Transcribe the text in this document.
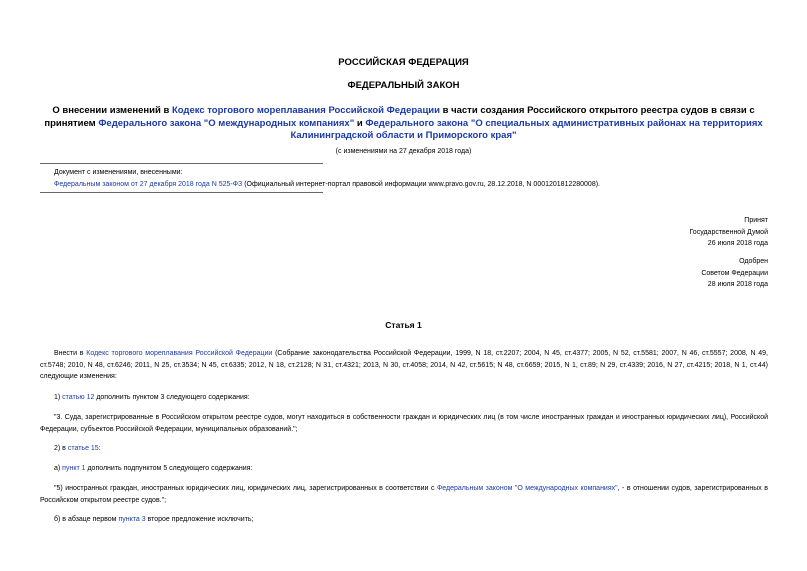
РОССИЙСКАЯ ФЕДЕРАЦИЯ
ФЕДЕРАЛЬНЫЙ ЗАКОН
О внесении изменений в Кодекс торгового мореплавания Российской Федерации в части создания Российского открытого реестра судов в связи с принятием Федерального закона "О международных компаниях" и Федерального закона "О специальных административных районах на территориях Калининградской области и Приморского края"
(с изменениями на 27 декабря 2018 года)
Документ с изменениями, внесенными:
Федеральным законом от 27 декабря 2018 года N 525-ФЗ (Официальный интернет-портал правовой информации www.pravo.gov.ru, 28.12.2018, N 0001201812280008).
Принят
Государственной Думой
26 июля 2018 года
Одобрен
Советом Федерации
28 июля 2018 года
Статья 1
Внести в Кодекс торгового мореплавания Российской Федерации (Собрание законодательства Российской Федерации, 1999, N 18, ст.2207; 2004, N 45, ст.4377; 2005, N 52, ст.5581; 2007, N 46, ст.5557; 2008, N 49, ст.5748; 2010, N 48, ст.6246; 2011, N 25, ст.3534; N 45, ст.6335; 2012, N 18, ст.2128; N 31, ст.4321; 2013, N 30, ст.4058; 2014, N 42, ст.5615; N 48, ст.6659; 2015, N 1, ст.89; N 29, ст.4339; 2016, N 27, ст.4215; 2018, N 1, ст.44) следующие изменения:
1) статью 12 дополнить пунктом 3 следующего содержания:
"3. Суда, зарегистрированные в Российском открытом реестре судов, могут находиться в собственности граждан и юридических лиц (в том числе иностранных граждан и иностранных юридических лиц), Российской Федерации, субъектов Российской Федерации, муниципальных образований.";
2) в статье 15:
а) пункт 1 дополнить подпунктом 5 следующего содержания:
"5) иностранных граждан, иностранных юридических лиц, юридических лиц, зарегистрированных в соответствии с Федеральным законом "О международных компаниях", - в отношении судов, зарегистрированных в Российском открытом реестре судов.";
б) в абзаце первом пункта 3 второе предложение исключить;
